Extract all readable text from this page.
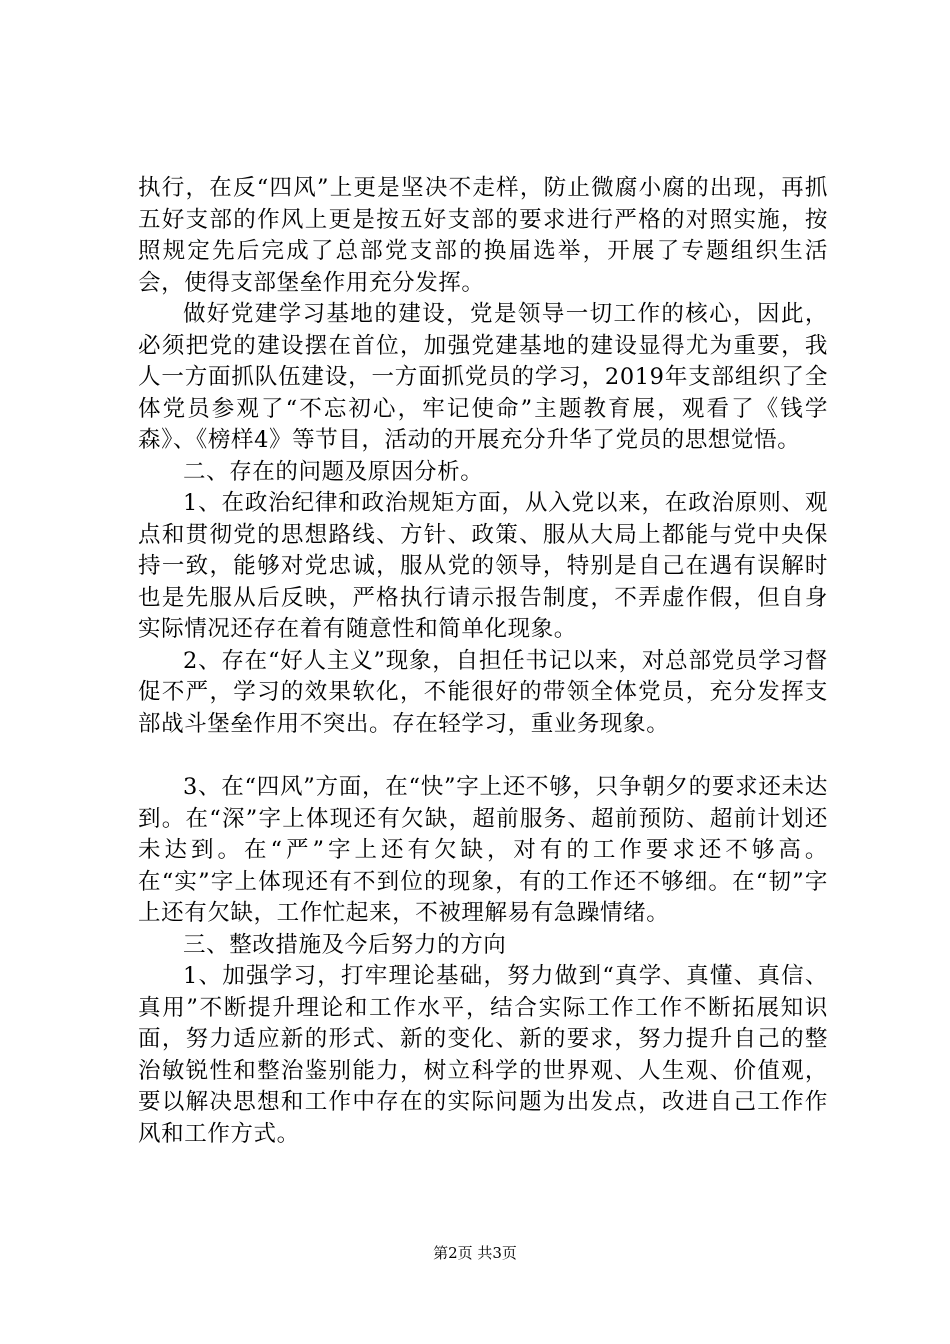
执行，在反“四风”上更是坚决不走样，防止微腐小腐的出现，再抓五好支部的作风上更是按五好支部的要求进行严格的对照实施，按照规定先后完成了总部党支部的换届选举，开展了专题组织生活会，使得支部堡垒作用充分发挥。

做好党建学习基地的建设，党是领导一切工作的核心，因此，必须把党的建设摆在首位，加强党建基地的建设显得尤为重要，我人一方面抓队伍建设，一方面抓党员的学习，2019年支部组织了全体党员参观了“不忘初心，牢记使命”主题教育展，观看了《钱学森》、《榜样4》等节目，活动的开展充分升华了党员的思想觉悟。

二、存在的问题及原因分析。

1、在政治纪律和政治规矩方面，从入党以来，在政治原则、观点和贯彻党的思想路线、方针、政策、服从大局上都能与党中央保持一致，能够对党忠诚，服从党的领导，特别是自己在遇有误解时也是先服从后反映，严格执行请示报告制度，不弄虚作假，但自身实际情况还存在着有随意性和简单化现象。

2、存在“好人主义”现象，自担任书记以来，对总部党员学习督促不严，学习的效果软化，不能很好的带领全体党员，充分发挥支部战斗堡垒作用不突出。存在轻学习，重业务现象。

3、在“四风”方面，在“快”字上还不够，只争朝夕的要求还未达到。在“深”字上体现还有欠缺，超前服务、超前预防、超前计划还未达到。在“严”字上还有欠缺，对有的工作要求还不够高。在“实”字上体现还有不到位的现象，有的工作还不够细。在“韧”字上还有欠缺，工作忙起来，不被理解易有急躁情绪。

三、整改措施及今后努力的方向

1、加强学习，打牢理论基础，努力做到“真学、真懂、真信、真用”不断提升理论和工作水平，结合实际工作工作不断拓展知识面，努力适应新的形式、新的变化、新的要求，努力提升自己的整治敏锐性和整治鉴别能力，树立科学的世界观、人生观、价值观，要以解决思想和工作中存在的实际问题为出发点，改进自己工作作风和工作方式。

第2页 共3页
